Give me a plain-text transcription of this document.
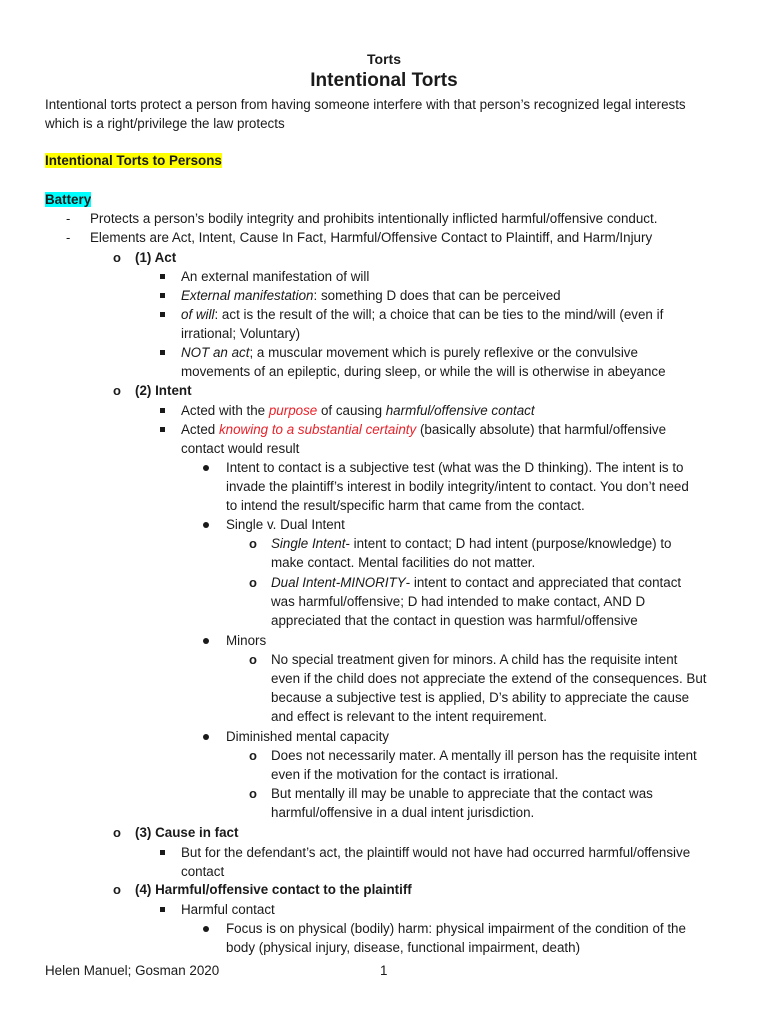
Torts
Intentional Torts
Intentional torts protect a person from having someone interfere with that person’s recognized legal interests
which is a right/privilege the law protects
Intentional Torts to Persons
Battery
- Protects a person’s bodily integrity and prohibits intentionally inflicted harmful/offensive conduct.
- Elements are Act, Intent, Cause In Fact, Harmful/Offensive Contact to Plaintiff, and Harm/Injury
o (1) Act
An external manifestation of will
External manifestation: something D does that can be perceived
of will: act is the result of the will; a choice that can be ties to the mind/will (even if
irrational; Voluntary)
NOT an act; a muscular movement which is purely reflexive or the convulsive
movements of an epileptic, during sleep, or while the will is otherwise in abeyance
o (2) Intent
Acted with the purpose of causing harmful/offensive contact
Acted knowing to a substantial certainty (basically absolute) that harmful/offensive
contact would result
Intent to contact is a subjective test (what was the D thinking). The intent is to
invade the plaintiff’s interest in bodily integrity/intent to contact. You don’t need
to intend the result/specific harm that came from the contact.
Single v. Dual Intent
o Single Intent- intent to contact; D had intent (purpose/knowledge) to
make contact. Mental facilities do not matter.
o Dual Intent-MINORITY- intent to contact and appreciated that contact
was harmful/offensive; D had intended to make contact, AND D
appreciated that the contact in question was harmful/offensive
Minors
o No special treatment given for minors. A child has the requisite intent
even if the child does not appreciate the extend of the consequences. But
because a subjective test is applied, D’s ability to appreciate the cause
and effect is relevant to the intent requirement.
Diminished mental capacity
o Does not necessarily mater. A mentally ill person has the requisite intent
even if the motivation for the contact is irrational.
o But mentally ill may be unable to appreciate that the contact was
harmful/offensive in a dual intent jurisdiction.
o (3) Cause in fact
But for the defendant’s act, the plaintiff would not have had occurred harmful/offensive
contact
o (4) Harmful/offensive contact to the plaintiff
Harmful contact
Focus is on physical (bodily) harm: physical impairment of the condition of the
body (physical injury, disease, functional impairment, death)
Helen Manuel; Gosman 2020	1
